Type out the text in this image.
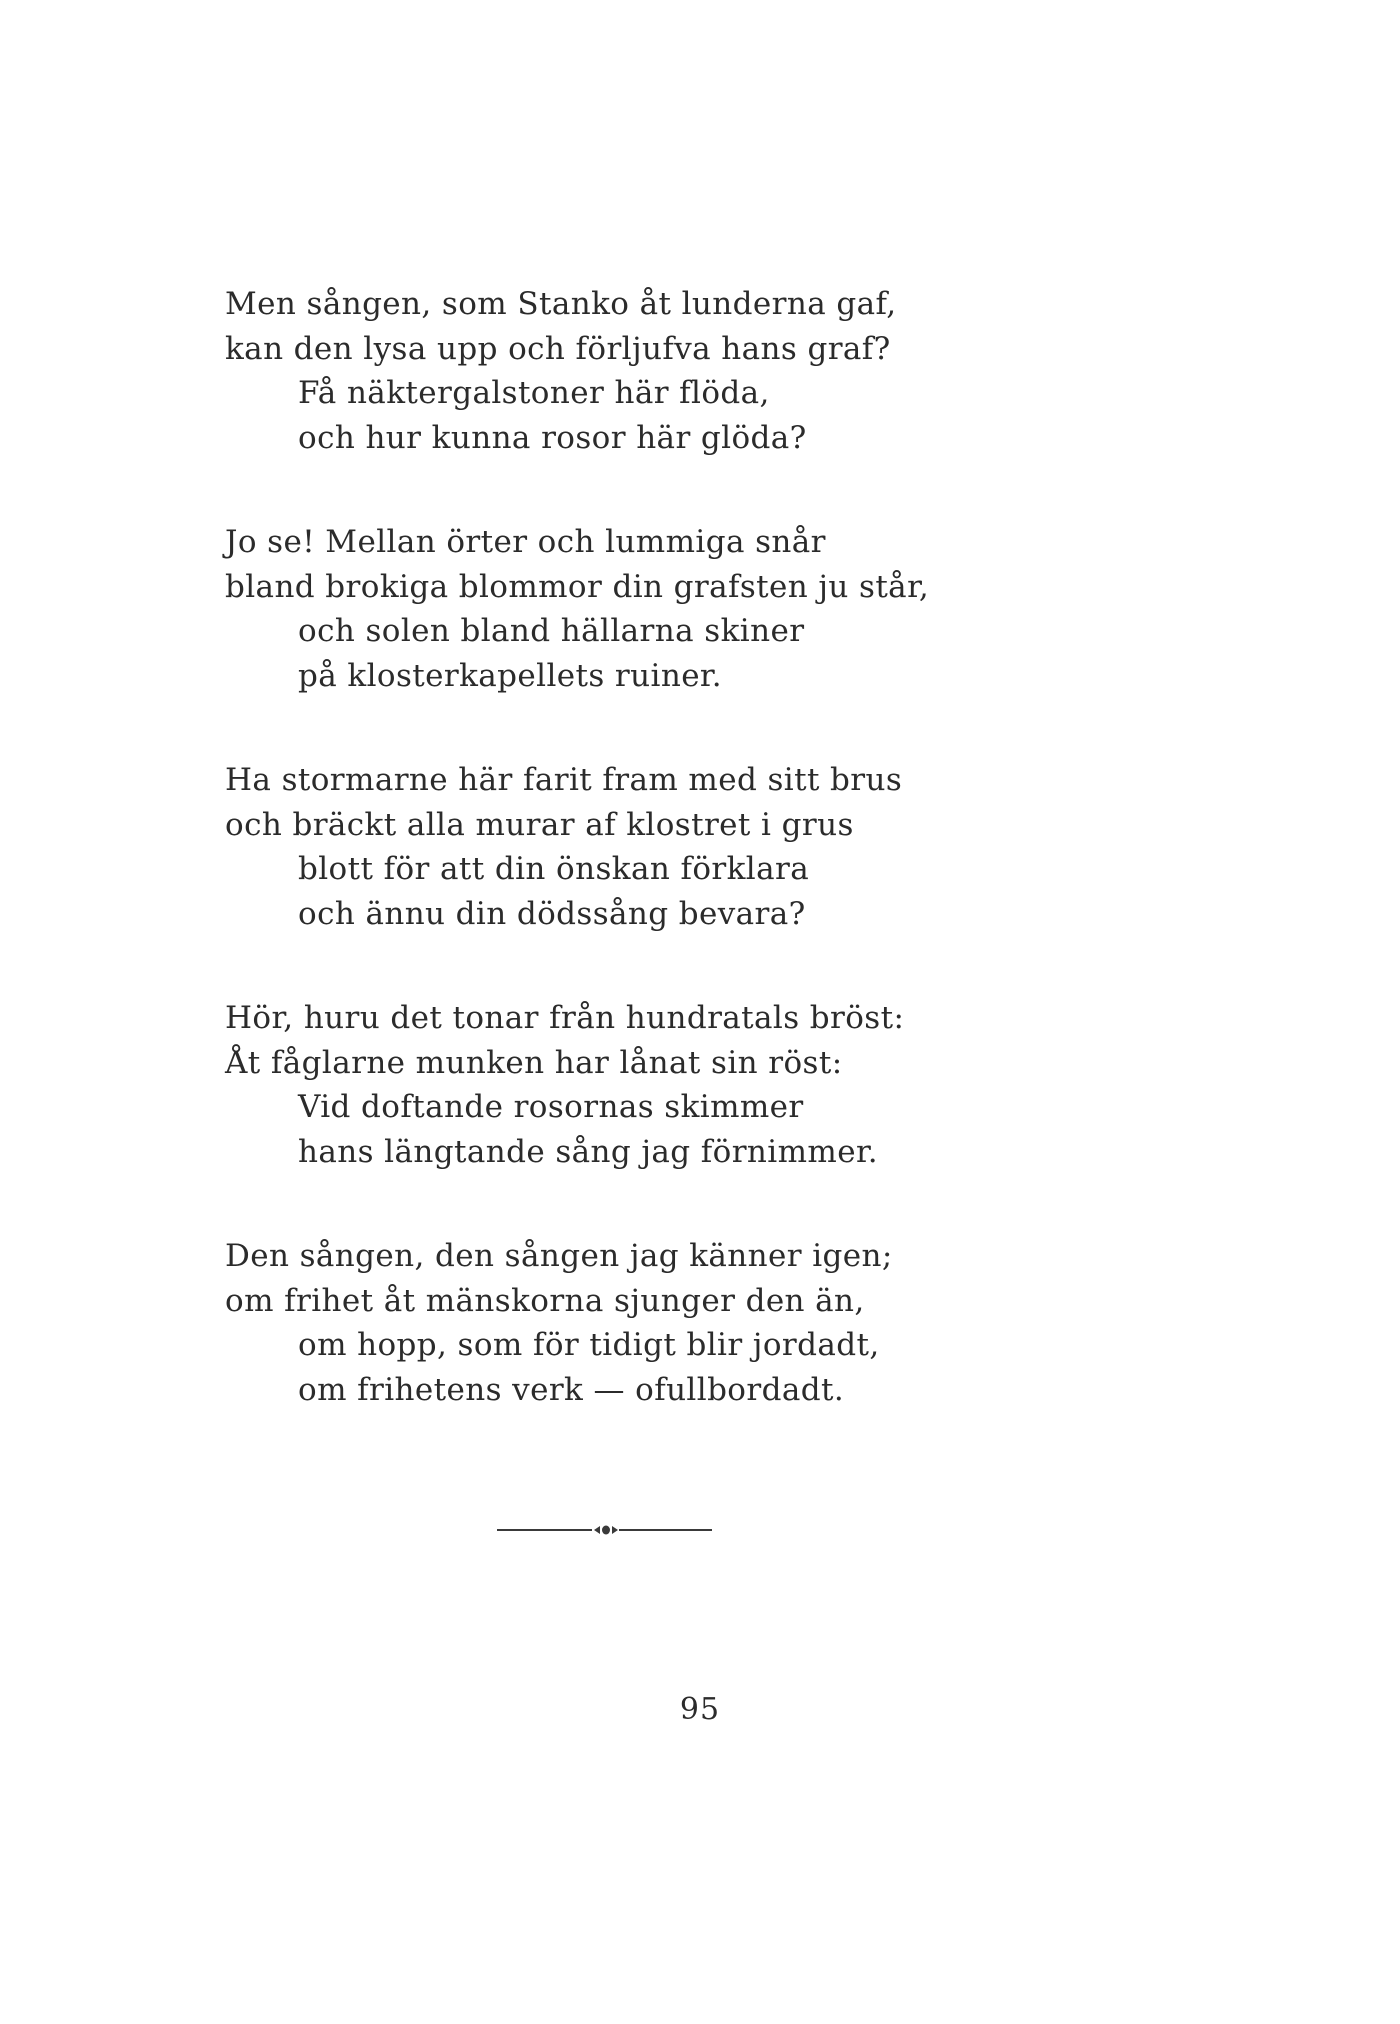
Men sången, som Stanko åt lunderna gaf,
kan den lysa upp och förljufva hans graf?
Få näktergalstoner här flöda,
och hur kunna rosor här glöda?
Jo se! Mellan örter och lummiga snår
bland brokiga blommor din grafsten ju står,
och solen bland hällarna skiner
på klosterkapellets ruiner.
Ha stormarne här farit fram med sitt brus
och bräckt alla murar af klostret i grus
blott för att din önskan förklara
och ännu din dödssång bevara?
Hör, huru det tonar från hundratals bröst:
Åt fåglarne munken har lånat sin röst:
Vid doftande rosornas skimmer
hans längtande sång jag förnimmer.
Den sången, den sången jag känner igen;
om frihet åt mänskorna sjunger den än,
om hopp, som för tidigt blir jordadt,
om frihetens verk — ofullbordadt.
95
